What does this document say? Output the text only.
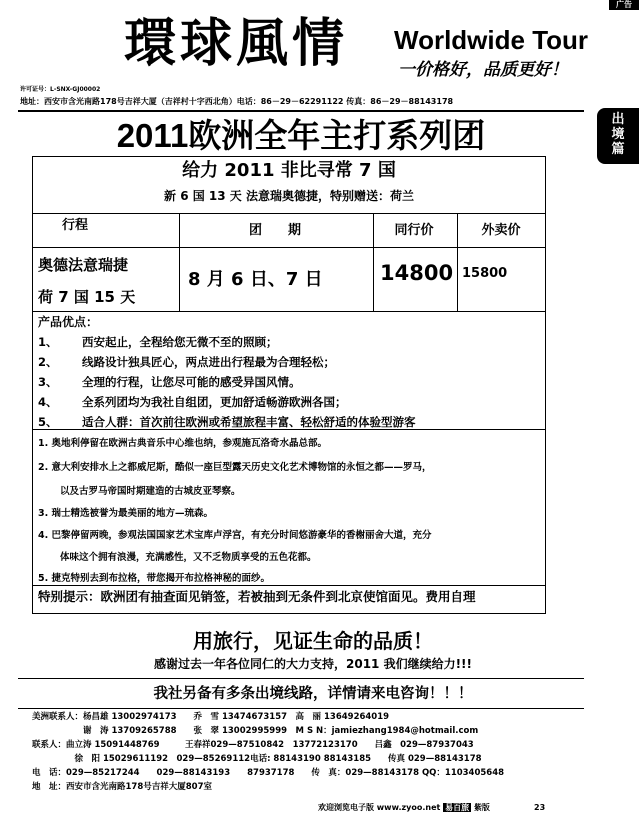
广告
出
境
篇
環球風情 Worldwide Tour
一价格好，品质更好！
许可证号：L-SNX-GJ00002
地址：西安市含光南路178号吉祥大厦（吉祥村十字西北角）电话：86－29－62291122 传真：86－29－88143178
2011欧洲全年主打系列团
给力 2011 非比寻常 7 国
新 6 国 13 天 法意瑞奥德捷，特别赠送：荷兰
行程	团　　期	同行价	外卖价
奥德法意瑞捷
荷 7 国 15 天
8 月 6 日、7 日	14800 15800
产品优点：
1、 西安起止，全程给您无微不至的照顾；
2、 线路设计独具匠心，两点进出行程最为合理轻松；
3、 全理的行程，让您尽可能的感受异国风情。
4、 全系列团均为我社自组团，更加舒适畅游欧洲各国；
5、 适合人群：首次前往欧洲或希望旅程丰富、轻松舒适的体验型游客
1. 奥地利停留在欧洲古典音乐中心维也纳，参观施瓦洛奇水晶总部。
2. 意大利安排水上之都威尼斯，酷似一座巨型露天历史文化艺术博物馆的永恒之都——罗马，
以及古罗马帝国时期建造的古城皮亚琴察。
3. 瑞士精选被誉为最美丽的地方—琉森。
4. 巴黎停留两晚，参观法国国家艺术宝库卢浮宫，有充分时间悠游豪华的香榭丽舍大道，充分
体味这个拥有浪漫，充满感性，又不乏物质享受的五色花都。
5. 捷克特别去到布拉格，带您揭开布拉格神秘的面纱。
特别提示：欧洲团有抽查面见销签，若被抽到无条件到北京使馆面见。费用自理
用旅行，见证生命的品质！
感谢过去一年各位同仁的大力支持，2011 我们继续给力!!!
我社另备有多条出境线路，详情请来电咨询！！！
美洲联系人：杨昌雄 13002974173　　乔　雪 13474673157　高　丽 13649264019
　　　　　　谢　涛 13709265788　　张　翠 13002995999　M S N：jamiezhang1984@hotmail.com
联系人：曲立涛 15091448769　　　王春祥029—87510842　13772123170　　吕鑫　029—87937043
　　　　　徐　阳 15029611192　029—85269112电话: 88143190 88143185　　传真 029—88143178
电　话：029—85217244　　029—88143193　　87937178　　传　真：029—88143178 QQ：1103405648
地　址：西安市含光南路178号吉祥大厦807室
欢迎浏览电子版 www.zyoo.net 易百旅 紫版	23
